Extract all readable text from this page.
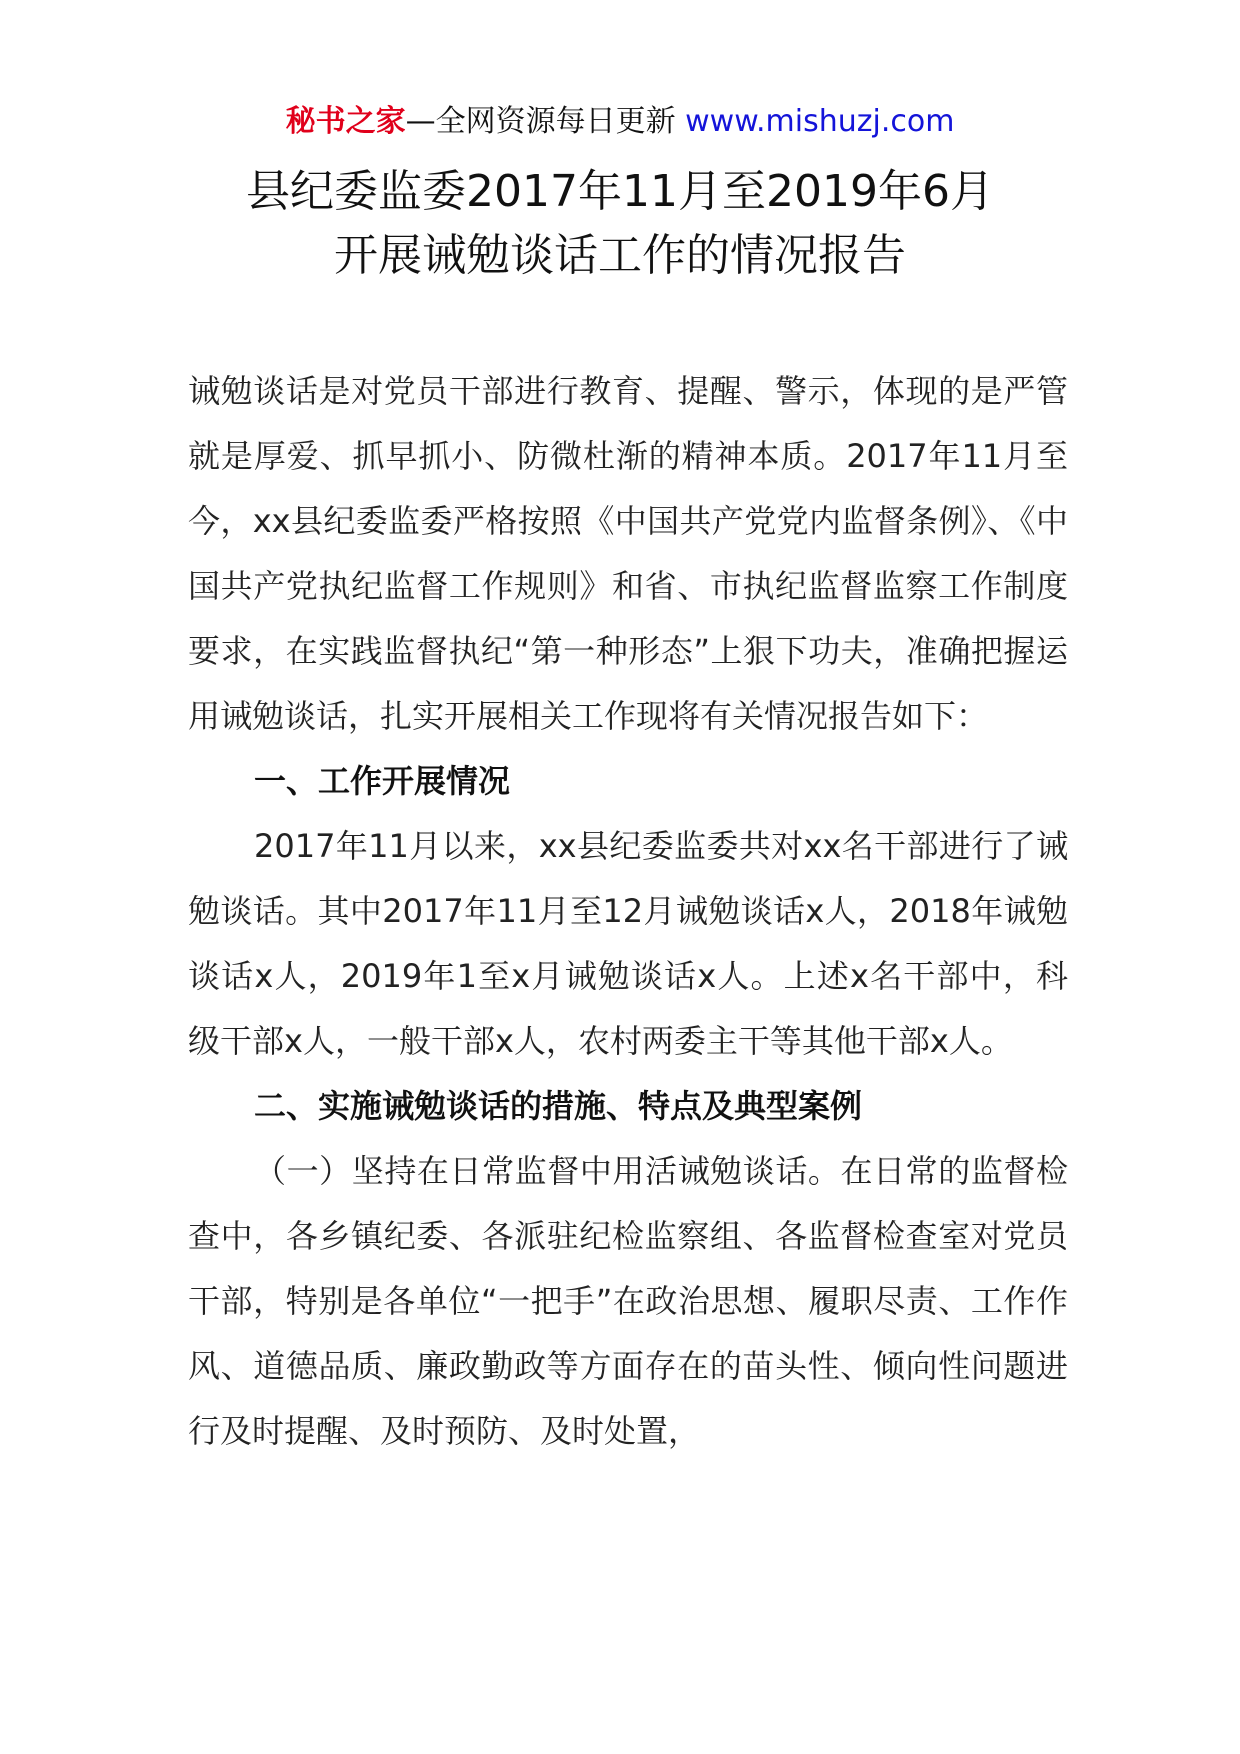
秘书之家—全网资源每日更新 www.mishuzj.com
县纪委监委2017年11月至2019年6月
开展诫勉谈话工作的情况报告

诫勉谈话是对党员干部进行教育、提醒、警示，体现的是严管就是厚爱、抓早抓小、防微杜渐的精神本质。2017年11月至今，xx县纪委监委严格按照《中国共产党党内监督条例》、《中国共产党执纪监督工作规则》和省、市执纪监督监察工作制度要求，在实践监督执纪“第一种形态”上狠下功夫，准确把握运用诫勉谈话，扎实开展相关工作现将有关情况报告如下：

一、工作开展情况

2017年11月以来，xx县纪委监委共对xx名干部进行了诫勉谈话。其中2017年11月至12月诫勉谈话x人，2018年诫勉谈话x人，2019年1至x月诫勉谈话x人。上述x名干部中，科级干部x人，一般干部x人，农村两委主干等其他干部x人。

二、实施诫勉谈话的措施、特点及典型案例

（一）坚持在日常监督中用活诫勉谈话。在日常的监督检查中，各乡镇纪委、各派驻纪检监察组、各监督检查室对党员干部，特别是各单位“一把手”在政治思想、履职尽责、工作作风、道德品质、廉政勤政等方面存在的苗头性、倾向性问题进行及时提醒、及时预防、及时处置，
